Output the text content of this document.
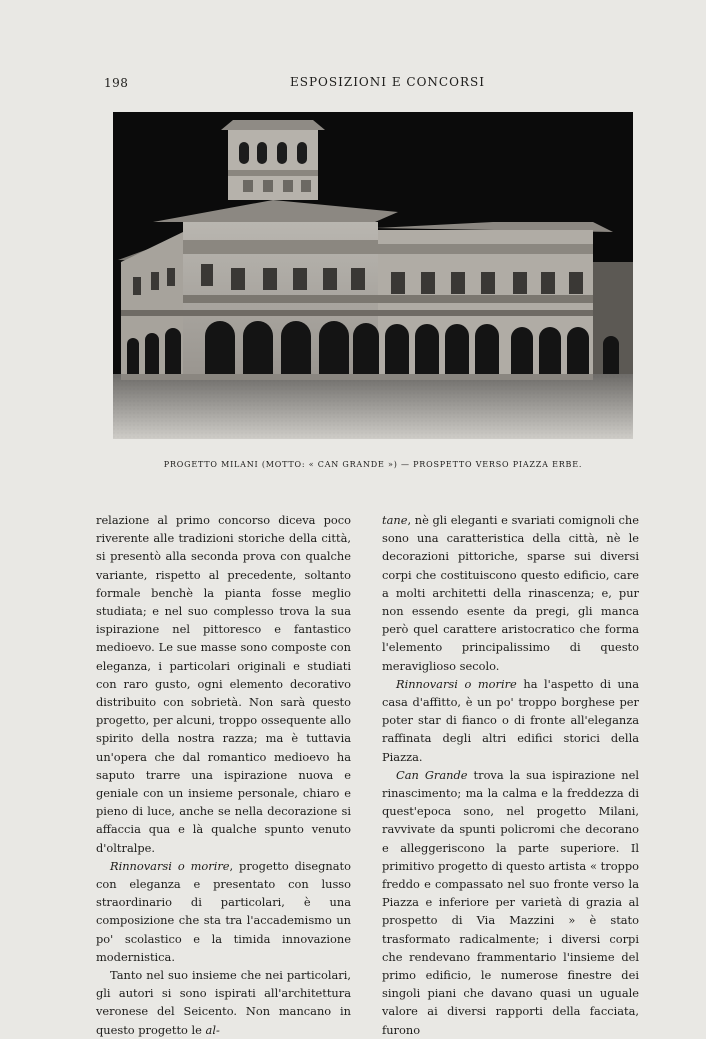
198	ESPOSIZIONI E CONCORSI
PROGETTO MILANI (MOTTO: « CAN GRANDE ») — PROSPETTO VERSO PIAZZA ERBE.

relazione al primo concorso diceva poco riverente alle tradizioni storiche della città, si presentò alla seconda prova con qualche variante, rispetto al precedente, soltanto formale benchè la pianta fosse meglio studiata; e nel suo complesso trova la sua ispirazione nel pittoresco e fantastico medioevo. Le sue masse sono composte con eleganza, i particolari originali e studiati con raro gusto, ogni elemento decorativo distribuito con sobrietà. Non sarà questo progetto, per alcuni, troppo ossequente allo spirito della nostra razza; ma è tuttavia un'opera che dal romantico medioevo ha saputo trarre una ispirazione nuova e geniale con un insieme personale, chiaro e pieno di luce, anche se nella decorazione si affaccia qua e là qualche spunto venuto d'oltralpe.

Rinnovarsi o morire, progetto disegnato con eleganza e presentato con lusso straordinario di particolari, è una composizione che sta tra l'accademismo un po' scolastico e la timida innovazione modernistica.

Tanto nel suo insieme che nei particolari, gli autori si sono ispirati all'architettura veronese del Seicento. Non mancano in questo progetto le al-

tane, nè gli eleganti e svariati comignoli che sono una caratteristica della città, nè le decorazioni pittoriche, sparse sui diversi corpi che costituiscono questo edificio, care a molti architetti della rinascenza; e, pur non essendo esente da pregi, gli manca però quel carattere aristocratico che forma l'elemento principalissimo di questo meraviglioso secolo.

Rinnovarsi o morire ha l'aspetto di una casa d'affitto, è un po' troppo borghese per poter star di fianco o di fronte all'eleganza raffinata degli altri edifici storici della Piazza.

Can Grande trova la sua ispirazione nel rinascimento; ma la calma e la freddezza di quest'epoca sono, nel progetto Milani, ravvivate da spunti policromi che decorano e alleggeriscono la parte superiore. Il primitivo progetto di questo artista « troppo freddo e compassato nel suo fronte verso la Piazza e inferiore per varietà di grazia al prospetto di Via Mazzini » è stato trasformato radicalmente; i diversi corpi che rendevano frammentario l'insieme del primo edificio, le numerose finestre dei singoli piani che davano quasi un uguale valore ai diversi rapporti della facciata, furono
